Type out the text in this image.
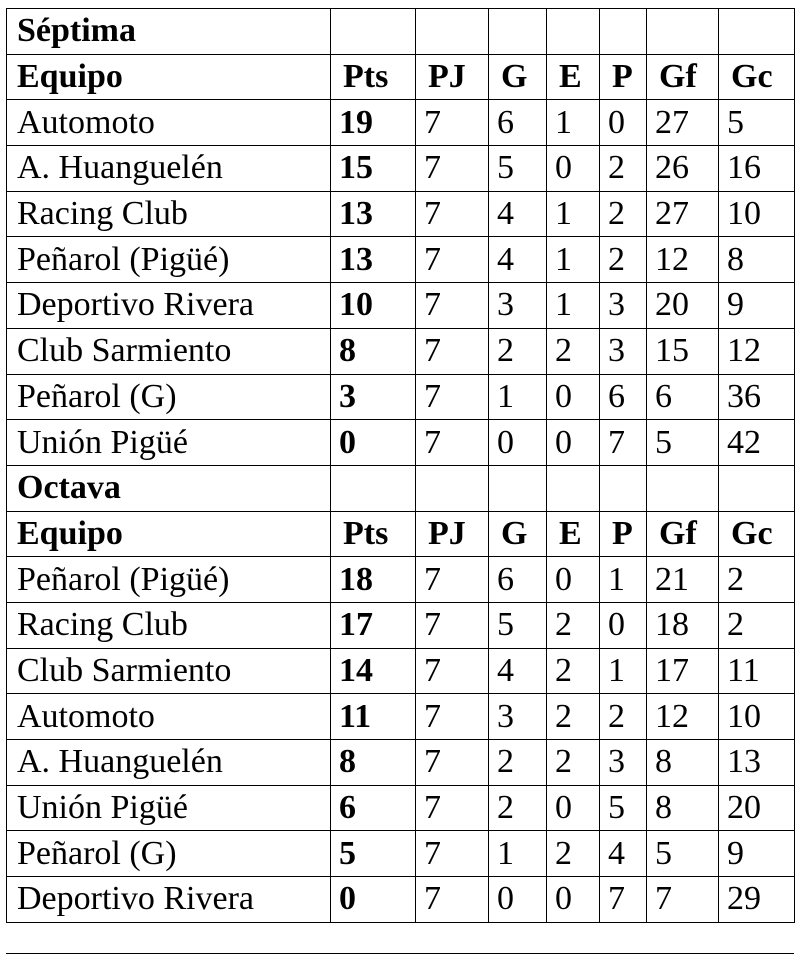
Séptima							
Equipo	Pts	PJ	G	E	P	Gf	Gc
Automoto	19	7	6	1	0	27	5
A. Huanguelén	15	7	5	0	2	26	16
Racing Club	13	7	4	1	2	27	10
Peñarol (Pigüé)	13	7	4	1	2	12	8
Deportivo Rivera	10	7	3	1	3	20	9
Club Sarmiento	8	7	2	2	3	15	12
Peñarol (G)	3	7	1	0	6	6	36
Unión Pigüé	0	7	0	0	7	5	42
Octava							
Equipo	Pts	PJ	G	E	P	Gf	Gc
Peñarol (Pigüé)	18	7	6	0	1	21	2
Racing Club	17	7	5	2	0	18	2
Club Sarmiento	14	7	4	2	1	17	11
Automoto	11	7	3	2	2	12	10
A. Huanguelén	8	7	2	2	3	8	13
Unión Pigüé	6	7	2	0	5	8	20
Peñarol (G)	5	7	1	2	4	5	9
Deportivo Rivera	0	7	0	0	7	7	29
